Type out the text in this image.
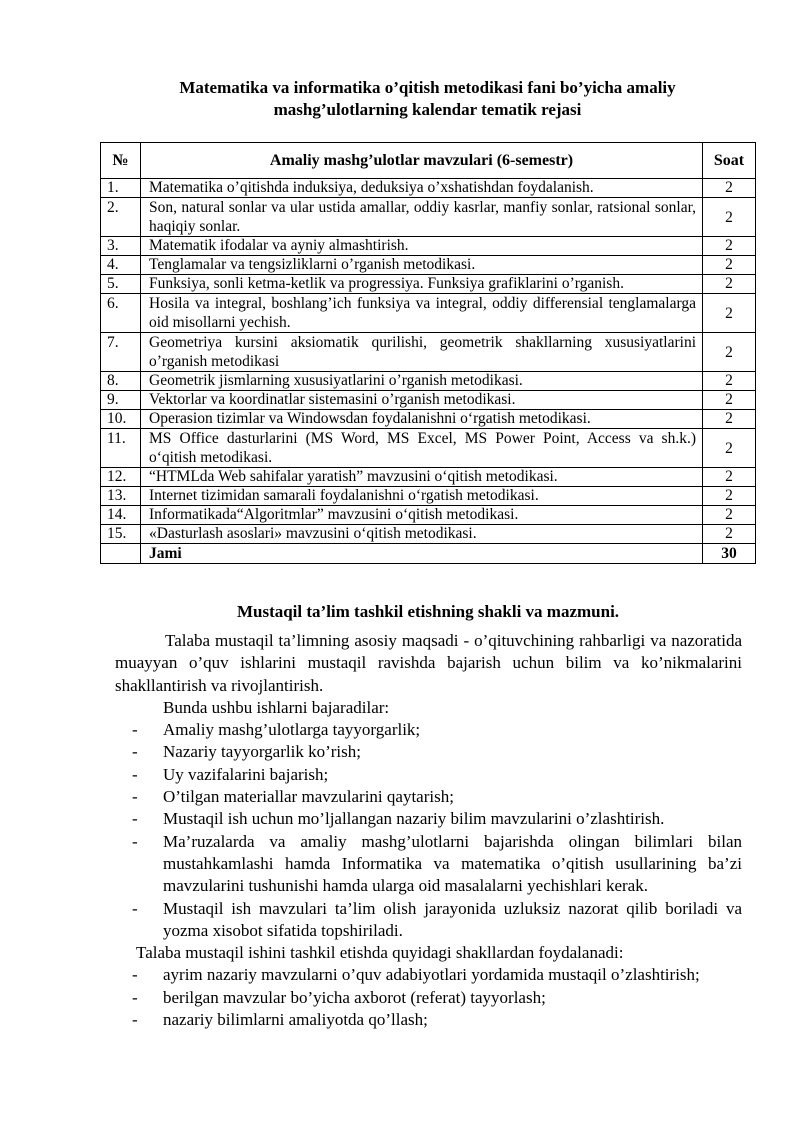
Matematika va informatika o’qitish metodikasi fani bo’yicha amaliy
mashg’ulotlarning kalendar tematik rejasi
№	Amaliy mashg’ulotlar mavzulari (6-semestr)	Soat
1.	Matematika o’qitishda induksiya, deduksiya o’xshatishdan foydalanish.	2
2.	Son, natural sonlar va ular ustida amallar, oddiy kasrlar, manfiy sonlar, ratsional sonlar, haqiqiy sonlar.	2
3.	Matematik ifodalar va ayniy almashtirish.	2
4.	Tenglamalar va tengsizliklarni o’rganish metodikasi.	2
5.	Funksiya, sonli ketma-ketlik va progressiya. Funksiya grafiklarini o’rganish.	2
6.	Hosila va integral, boshlang’ich funksiya va integral, oddiy differensial tenglamalarga oid misollarni yechish.	2
7.	Geometriya kursini aksiomatik qurilishi, geometrik shakllarning xususiyatlarini o’rganish metodikasi	2
8.	Geometrik jismlarning xususiyatlarini o’rganish metodikasi.	2
9.	Vektorlar va koordinatlar sistemasini o’rganish metodikasi.	2
10.	Operasion tizimlar va Windowsdan foydalanishni o‘rgatish metodikasi.	2
11.	MS Office dasturlarini (MS Word, MS Excel, MS Power Point, Access va sh.k.) o‘qitish metodikasi.	2
12.	“HTMLda Web sahifalar yaratish” mavzusini o‘qitish metodikasi.	2
13.	Internet tizimidan samarali foydalanishni o‘rgatish metodikasi.	2
14.	Informatikada“Algoritmlar” mavzusini o‘qitish metodikasi.	2
15.	«Dasturlash asoslari» mavzusini o‘qitish metodikasi.	2
	Jami	30
Mustaqil ta’lim tashkil etishning shakli va mazmuni.

Talaba mustaqil ta’limning asosiy maqsadi - o’qituvchining rahbarligi va nazoratida muayyan o’quv ishlarini mustaqil ravishda bajarish uchun bilim va ko’nikmalarini shakllantirish va rivojlantirish.

Bunda ushbu ishlarni bajaradilar:

- Amaliy mashg’ulotlarga tayyorgarlik;
- Nazariy tayyorgarlik ko’rish;
- Uy vazifalarini bajarish;
- O’tilgan materiallar mavzularini qaytarish;
- Mustaqil ish uchun mo’ljallangan nazariy bilim mavzularini o’zlashtirish.
- Ma’ruzalarda va amaliy mashg’ulotlarni bajarishda olingan bilimlari bilan mustahkamlashi hamda Informatika va matematika o’qitish usullarining ba’zi mavzularini tushunishi hamda ularga oid masalalarni yechishlari kerak.
- Mustaqil ish mavzulari ta’lim olish jarayonida uzluksiz nazorat qilib boriladi va yozma xisobot sifatida topshiriladi.

Talaba mustaqil ishini tashkil etishda quyidagi shakllardan foydalanadi:

- ayrim nazariy mavzularni o’quv adabiyotlari yordamida mustaqil o’zlashtirish;
- berilgan mavzular bo’yicha axborot (referat) tayyorlash;
- nazariy bilimlarni amaliyotda qo’llash;
